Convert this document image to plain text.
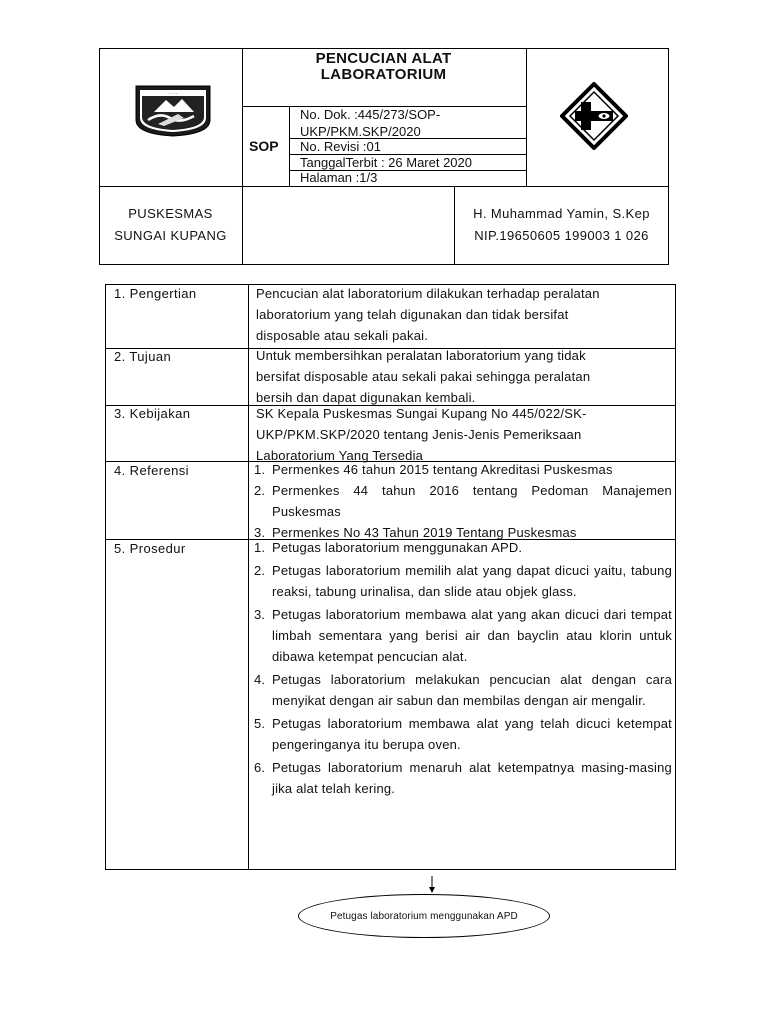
· · · ·
PENCUCIAN ALAT
LABORATORIUM
SOP
No. Dok. :445/273/SOP-
UKP/PKM.SKP/2020
No. Revisi :01
TanggalTerbit : 26 Maret 2020
Halaman :1/3
PUSKESMAS
SUNGAI KUPANG
H. Muhammad Yamin, S.Kep
NIP.19650605 199003 1 026
1. Pengertian	Pencucian alat laboratorium dilakukan terhadap peralatan
laboratorium yang telah digunakan dan tidak bersifat
disposable atau sekali pakai.
2. Tujuan	Untuk membersihkan peralatan laboratorium yang tidak
bersifat disposable atau sekali pakai sehingga peralatan
bersih dan dapat digunakan kembali.
3. Kebijakan	SK Kepala Puskesmas Sungai Kupang No 445/022/SK-
UKP/PKM.SKP/2020 tentang Jenis-Jenis Pemeriksaan
Laboratorium Yang Tersedia
4. Referensi	1. Permenkes 46 tahun 2015 tentang Akreditasi Puskesmas
2. Permenkes 44 tahun 2016 tentang Pedoman Manajemen Puskesmas
3. Permenkes No 43 Tahun 2019 Tentang Puskesmas
5. Prosedur	1. Petugas laboratorium menggunakan APD.
2. Petugas laboratorium memilih alat yang dapat dicuci yaitu, tabung reaksi, tabung urinalisa, dan slide atau objek glass.
3. Petugas laboratorium membawa alat yang akan dicuci dari tempat limbah sementara yang berisi air dan bayclin atau klorin untuk dibawa ketempat pencucian alat.
4. Petugas laboratorium melakukan pencucian alat dengan cara menyikat dengan air sabun dan membilas dengan air mengalir.
5. Petugas laboratorium membawa alat yang telah dicuci ketempat pengeringanya itu berupa oven.
6. Petugas laboratorium menaruh alat ketempatnya masing-masing jika alat telah kering.
Petugas laboratorium menggunakan APD
